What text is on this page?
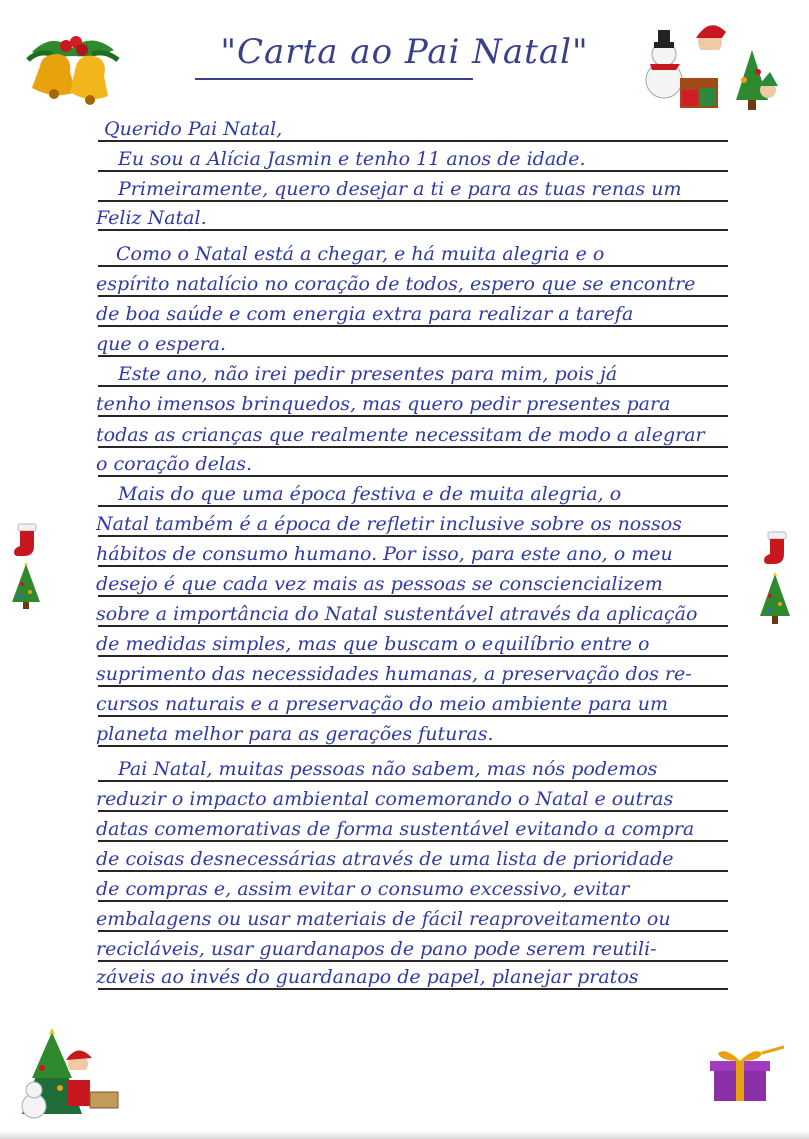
"Carta ao Pai Natal"
Querido Pai Natal,
Eu sou a Alícia Jasmin e tenho 11 anos de idade.
Primeiramente, quero desejar a ti e para as tuas renas um
Feliz Natal.
Como o Natal está a chegar, e há muita alegria e o
espírito natalício no coração de todos, espero que se encontre
de boa saúde e com energia extra para realizar a tarefa
que o espera.
Este ano, não irei pedir presentes para mim, pois já
tenho imensos brinquedos, mas quero pedir presentes para
todas as crianças que realmente necessitam de modo a alegrar
o coração delas.
Mais do que uma época festiva e de muita alegria, o
Natal também é a época de refletir inclusive sobre os nossos
hábitos de consumo humano. Por isso, para este ano, o meu
desejo é que cada vez mais as pessoas se consciencializem
sobre a importância do Natal sustentável através da aplicação
de medidas simples, mas que buscam o equilíbrio entre o
suprimento das necessidades humanas, a preservação dos re-
cursos naturais e a preservação do meio ambiente para um
planeta melhor para as gerações futuras.
Pai Natal, muitas pessoas não sabem, mas nós podemos
reduzir o impacto ambiental comemorando o Natal e outras
datas comemorativas de forma sustentável evitando a compra
de coisas desnecessárias através de uma lista de prioridade
de compras e, assim evitar o consumo excessivo, evitar
embalagens ou usar materiais de fácil reaproveitamento ou
recicláveis, usar guardanapos de pano pode serem reutili-
záveis ao invés do guardanapo de papel, planejar pratos
